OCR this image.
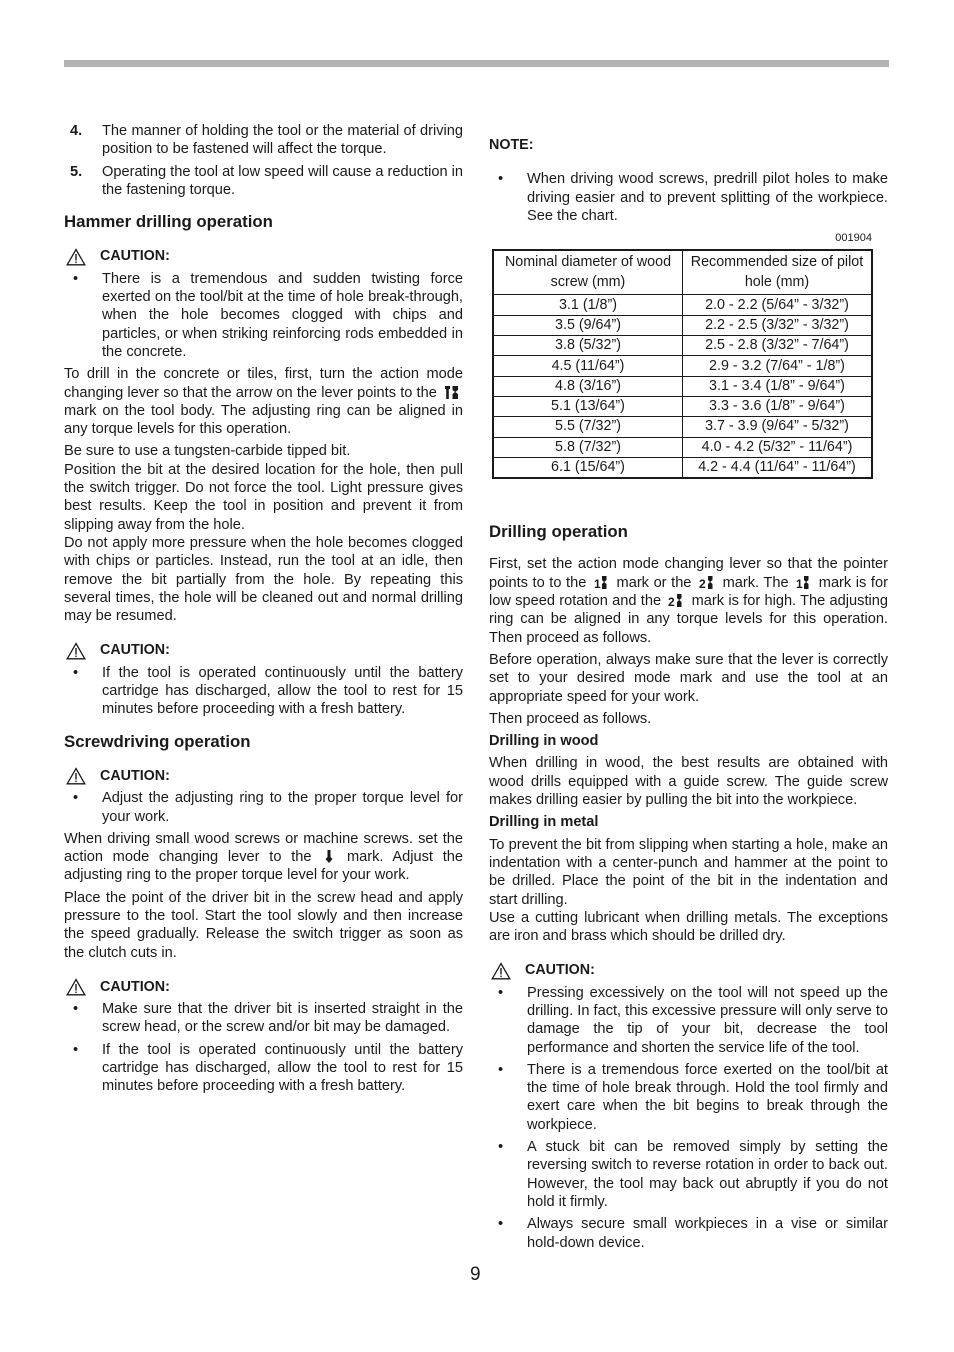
4.	The manner of holding the tool or the material of driving position to be fastened will affect the torque.
5.	Operating the tool at low speed will cause a reduction in the fastening torque.
Hammer drilling operation
CAUTION:
•	There is a tremendous and sudden twisting force exerted on the tool/bit at the time of hole break-through, when the hole becomes clogged with chips and particles, or when striking reinforcing rods embedded in the concrete.

To drill in the concrete or tiles, first, turn the action mode changing lever so that the arrow on the lever points to the  mark on the tool body. The adjusting ring can be aligned in any torque levels for this operation.

Be sure to use a tungsten-carbide tipped bit.

Position the bit at the desired location for the hole, then pull the switch trigger. Do not force the tool. Light pressure gives best results. Keep the tool in position and prevent it from slipping away from the hole.

Do not apply more pressure when the hole becomes clogged with chips or particles. Instead, run the tool at an idle, then remove the bit partially from the hole. By repeating this several times, the hole will be cleaned out and normal drilling may be resumed.

CAUTION:
•	If the tool is operated continuously until the battery cartridge has discharged, allow the tool to rest for 15 minutes before proceeding with a fresh battery.
Screwdriving operation
CAUTION:
•	Adjust the adjusting ring to the proper torque level for your work.

When driving small wood screws or machine screws. set the action mode changing lever to the mark. Adjust the adjusting ring to the proper torque level for your work.

Place the point of the driver bit in the screw head and apply pressure to the tool. Start the tool slowly and then increase the speed gradually. Release the switch trigger as soon as the clutch cuts in.

CAUTION:
•	Make sure that the driver bit is inserted straight in the screw head, or the screw and/or bit may be damaged.
•	If the tool is operated continuously until the battery cartridge has discharged, allow the tool to rest for 15 minutes before proceeding with a fresh battery.
NOTE:
•	When driving wood screws, predrill pilot holes to make driving easier and to prevent splitting of the workpiece. See the chart.
001904
Nominal diameter of wood screw (mm)	Recommended size of pilot hole (mm)
3.1 (1/8”)	2.0 - 2.2 (5/64” - 3/32”)
3.5 (9/64”)	2.2 - 2.5 (3/32” - 3/32”)
3.8 (5/32”)	2.5 - 2.8 (3/32” - 7/64”)
4.5 (11/64”)	2.9 - 3.2 (7/64” - 1/8”)
4.8 (3/16”)	3.1 - 3.4 (1/8” - 9/64”)
5.1 (13/64”)	3.3 - 3.6 (1/8” - 9/64”)
5.5 (7/32”)	3.7 - 3.9 (9/64” - 5/32”)
5.8 (7/32”)	4.0 - 4.2 (5/32” - 11/64”)
6.1 (15/64”)	4.2 - 4.4 (11/64” - 11/64”)
Drilling operation

First, set the action mode changing lever so that the pointer points to to the 1 mark or the 2 mark. The 1 mark is for low speed rotation and the 2 mark is for high. The adjusting ring can be aligned in any torque levels for this operation. Then proceed as follows.

Before operation, always make sure that the lever is correctly set to your desired mode mark and use the tool at an appropriate speed for your work.

Then proceed as follows.

Drilling in wood

When drilling in wood, the best results are obtained with wood drills equipped with a guide screw. The guide screw makes drilling easier by pulling the bit into the workpiece.

Drilling in metal

To prevent the bit from slipping when starting a hole, make an indentation with a center-punch and hammer at the point to be drilled. Place the point of the bit in the indentation and start drilling.

Use a cutting lubricant when drilling metals. The exceptions are iron and brass which should be drilled dry.

CAUTION:
•	Pressing excessively on the tool will not speed up the drilling. In fact, this excessive pressure will only serve to damage the tip of your bit, decrease the tool performance and shorten the service life of the tool.
•	There is a tremendous force exerted on the tool/bit at the time of hole break through. Hold the tool firmly and exert care when the bit begins to break through the workpiece.
•	A stuck bit can be removed simply by setting the reversing switch to reverse rotation in order to back out. However, the tool may back out abruptly if you do not hold it firmly.
•	Always secure small workpieces in a vise or similar hold-down device.
9
